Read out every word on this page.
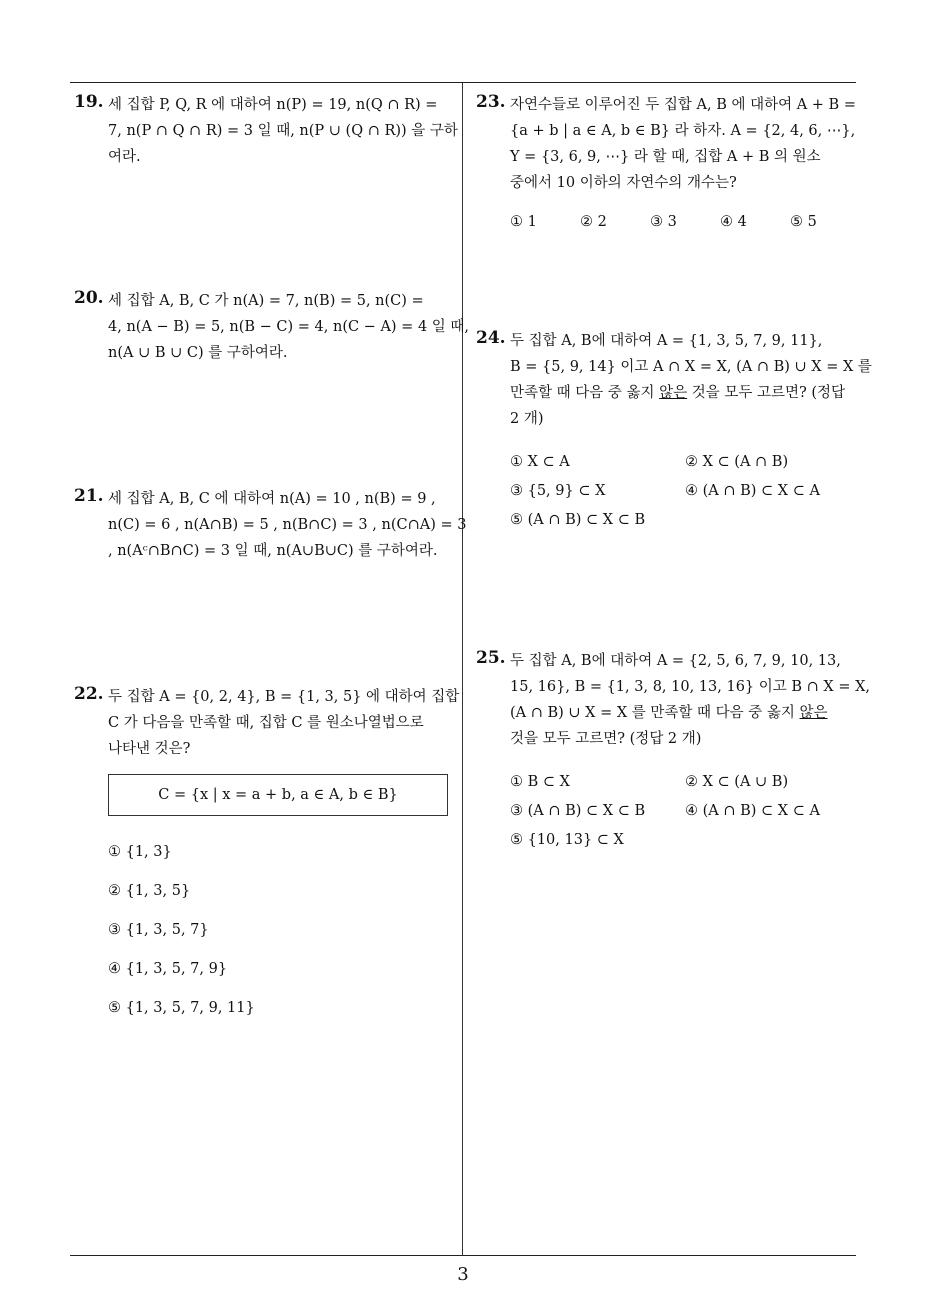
19. 세 집합 P, Q, R 에 대하여 n(P) = 19, n(Q ∩ R) =
7, n(P ∩ Q ∩ R) = 3 일 때, n(P ∪ (Q ∩ R)) 을 구하
여라.
20. 세 집합 A, B, C 가 n(A) = 7, n(B) = 5, n(C) =
4, n(A − B) = 5, n(B − C) = 4, n(C − A) = 4 일 때,
n(A ∪ B ∪ C) 를 구하여라.
21. 세 집합 A, B, C 에 대하여 n(A) = 10 , n(B) = 9 ,
n(C) = 6 , n(A∩B) = 5 , n(B∩C) = 3 , n(C∩A) = 3
, n(Aᶜ∩B∩C) = 3 일 때, n(A∪B∪C) 를 구하여라.
22. 두 집합 A = {0, 2, 4}, B = {1, 3, 5} 에 대하여 집합
C 가 다음을 만족할 때, 집합 C 를 원소나열법으로
나타낸 것은?
C = {x | x = a + b, a ∈ A, b ∈ B}
① {1, 3}
② {1, 3, 5}
③ {1, 3, 5, 7}
④ {1, 3, 5, 7, 9}
⑤ {1, 3, 5, 7, 9, 11}
23. 자연수들로 이루어진 두 집합 A, B 에 대하여 A + B =
{a + b | a ∈ A, b ∈ B} 라 하자. A = {2, 4, 6, ⋯},
Y = {3, 6, 9, ⋯} 라 할 때, 집합 A + B 의 원소
중에서 10 이하의 자연수의 개수는?
① 1	② 2	③ 3	④ 4	⑤ 5
24. 두 집합 A, B에 대하여 A = {1, 3, 5, 7, 9, 11},
B = {5, 9, 14} 이고 A ∩ X = X, (A ∩ B) ∪ X = X 를
만족할 때 다음 중 옳지 않은 것을 모두 고르면? (정답
2 개)
① X ⊂ A	② X ⊂ (A ∩ B)
③ {5, 9} ⊂ X	④ (A ∩ B) ⊂ X ⊂ A
⑤ (A ∩ B) ⊂ X ⊂ B
25. 두 집합 A, B에 대하여 A = {2, 5, 6, 7, 9, 10, 13,
15, 16}, B = {1, 3, 8, 10, 13, 16} 이고 B ∩ X = X,
(A ∩ B) ∪ X = X 를 만족할 때 다음 중 옳지 않은
것을 모두 고르면? (정답 2 개)
① B ⊂ X	② X ⊂ (A ∪ B)
③ (A ∩ B) ⊂ X ⊂ B	④ (A ∩ B) ⊂ X ⊂ A
⑤ {10, 13} ⊂ X
3
